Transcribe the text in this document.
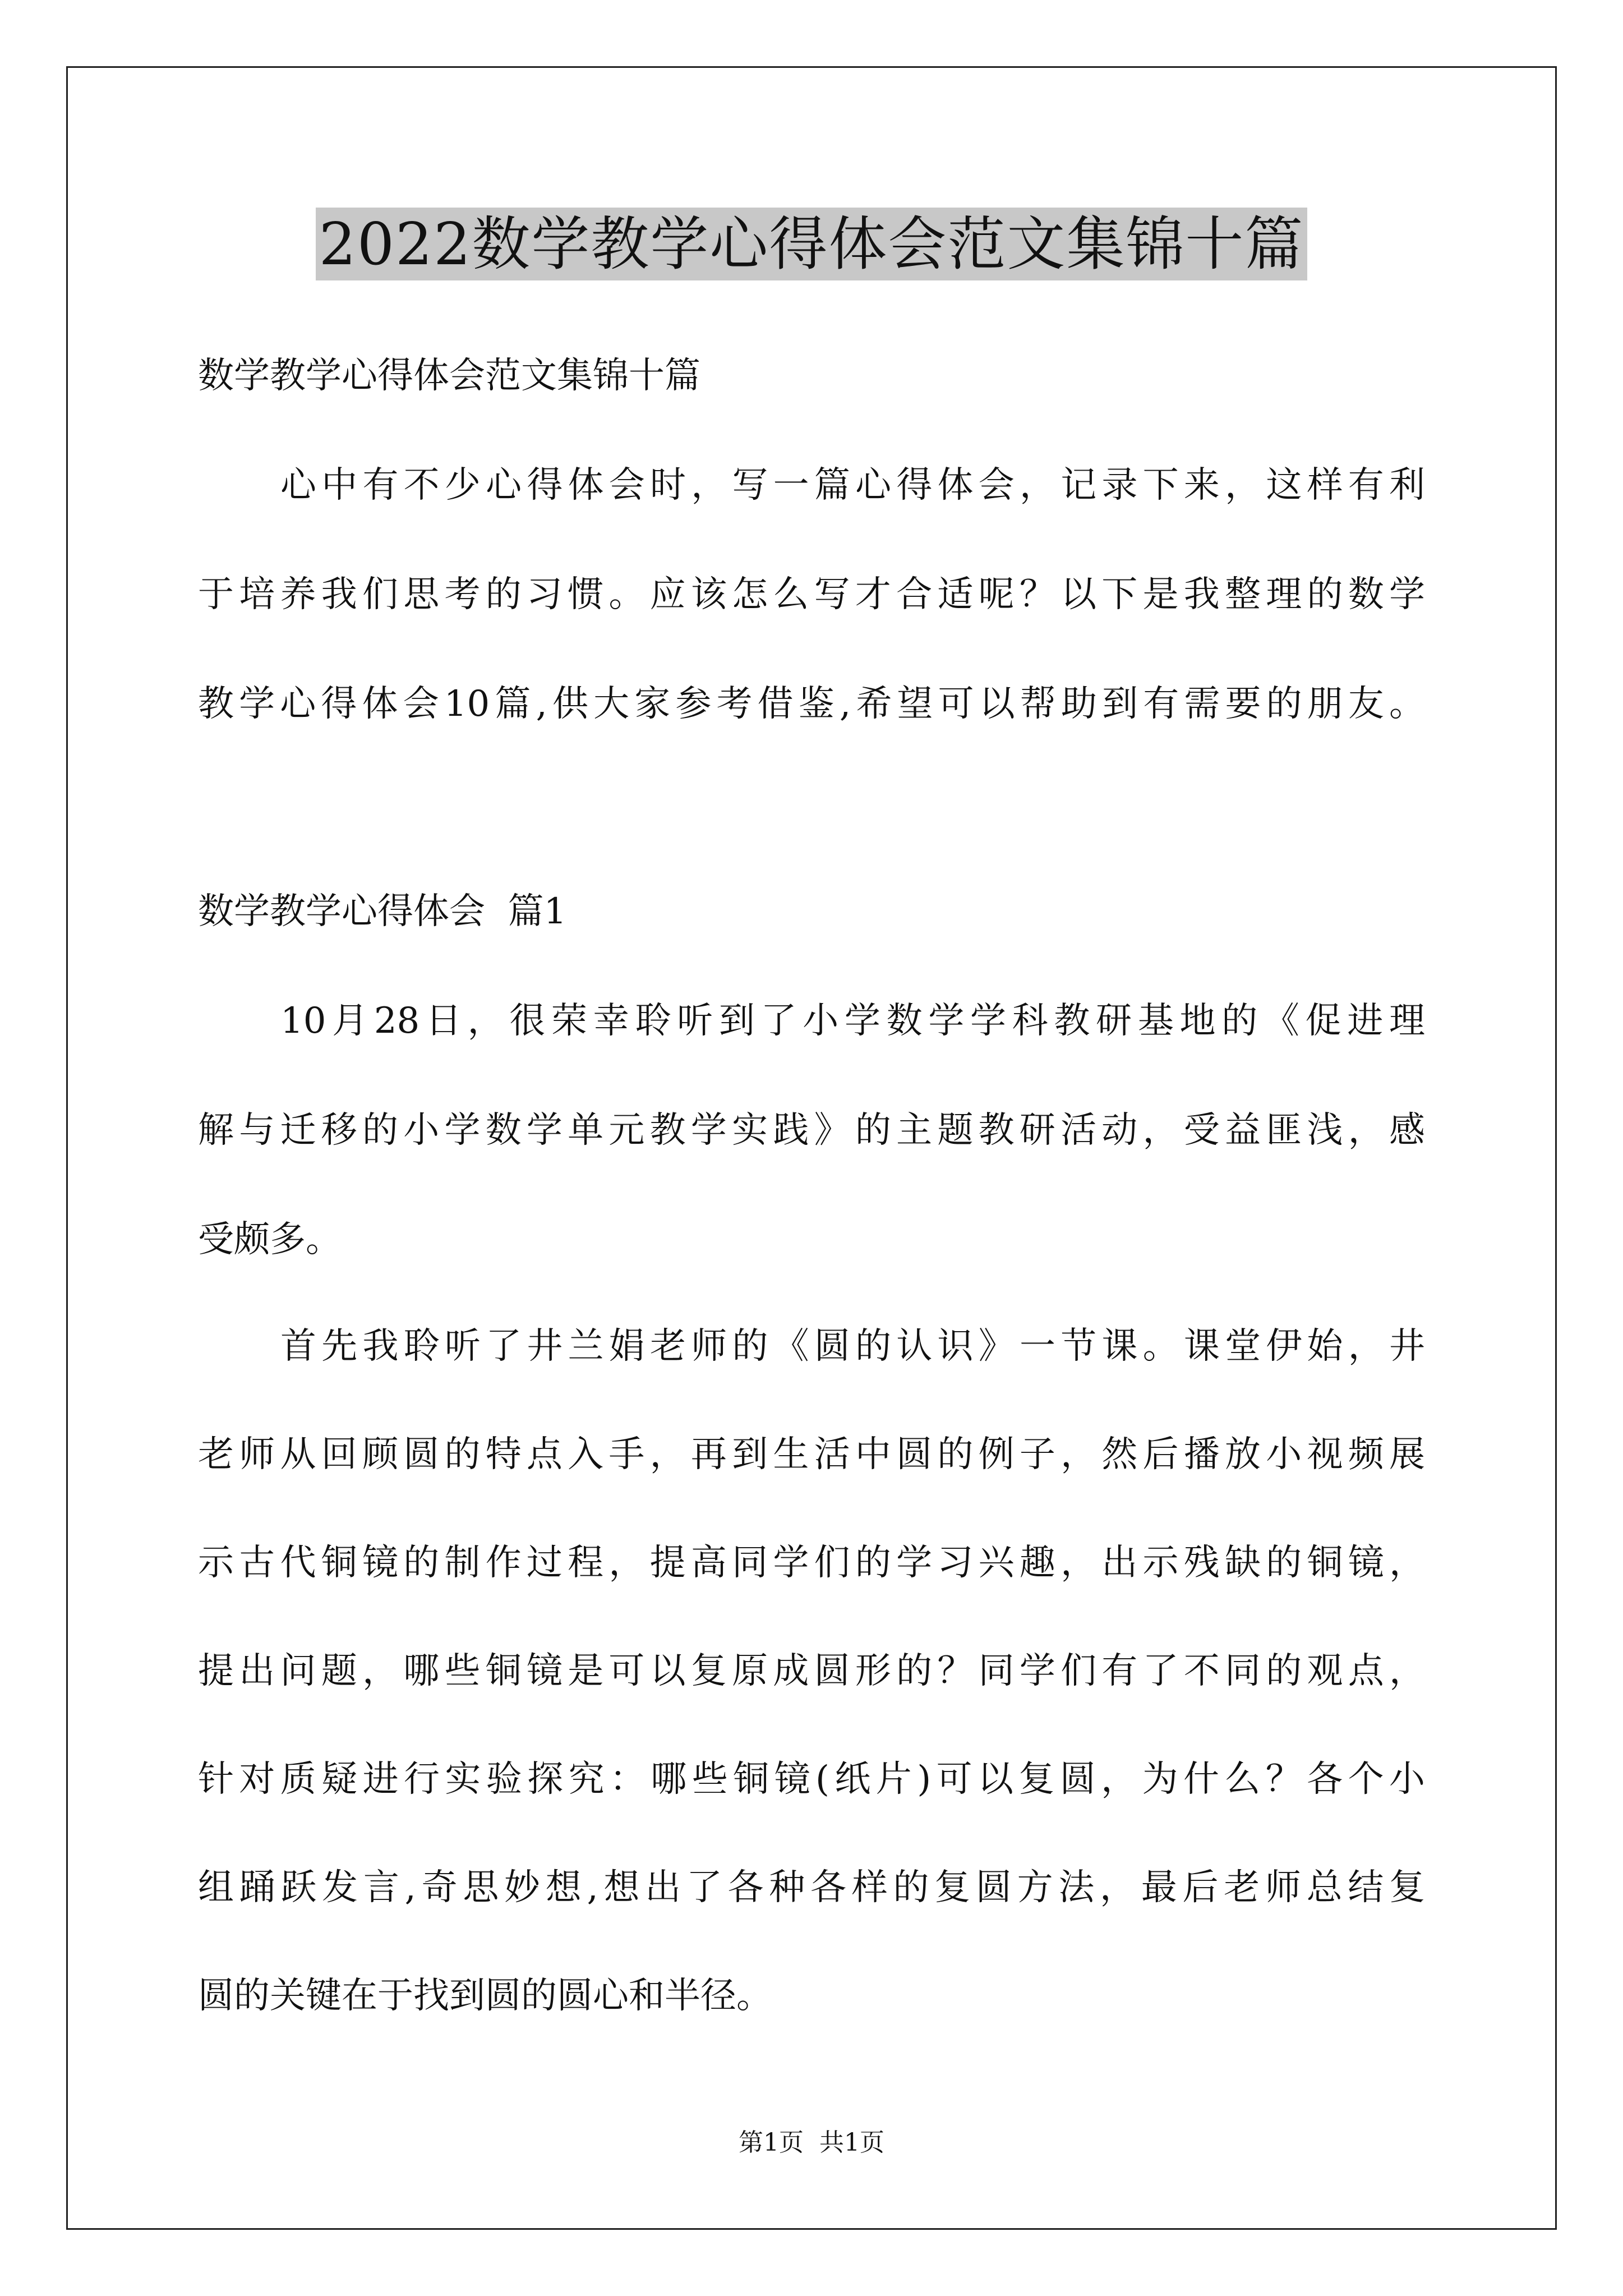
2022数学教学心得体会范文集锦十篇
数学教学心得体会范文集锦十篇
心中有不少心得体会时，写一篇心得体会，记录下来，这样有利
于培养我们思考的习惯。应该怎么写才合适呢？以下是我整理的数学
教学心得体会10篇,供大家参考借鉴,希望可以帮助到有需要的朋友。
数学教学心得体会  篇1
10月28日，很荣幸聆听到了小学数学学科教研基地的《促进理
解与迁移的小学数学单元教学实践》的主题教研活动，受益匪浅，感
受颇多。
首先我聆听了井兰娟老师的《圆的认识》一节课。课堂伊始，井
老师从回顾圆的特点入手，再到生活中圆的例子，然后播放小视频展
示古代铜镜的制作过程，提高同学们的学习兴趣，出示残缺的铜镜，
提出问题，哪些铜镜是可以复原成圆形的？同学们有了不同的观点，
针对质疑进行实验探究：哪些铜镜(纸片)可以复圆，为什么？各个小
组踊跃发言,奇思妙想,想出了各种各样的复圆方法，最后老师总结复
圆的关键在于找到圆的圆心和半径。
第1页 共1页
